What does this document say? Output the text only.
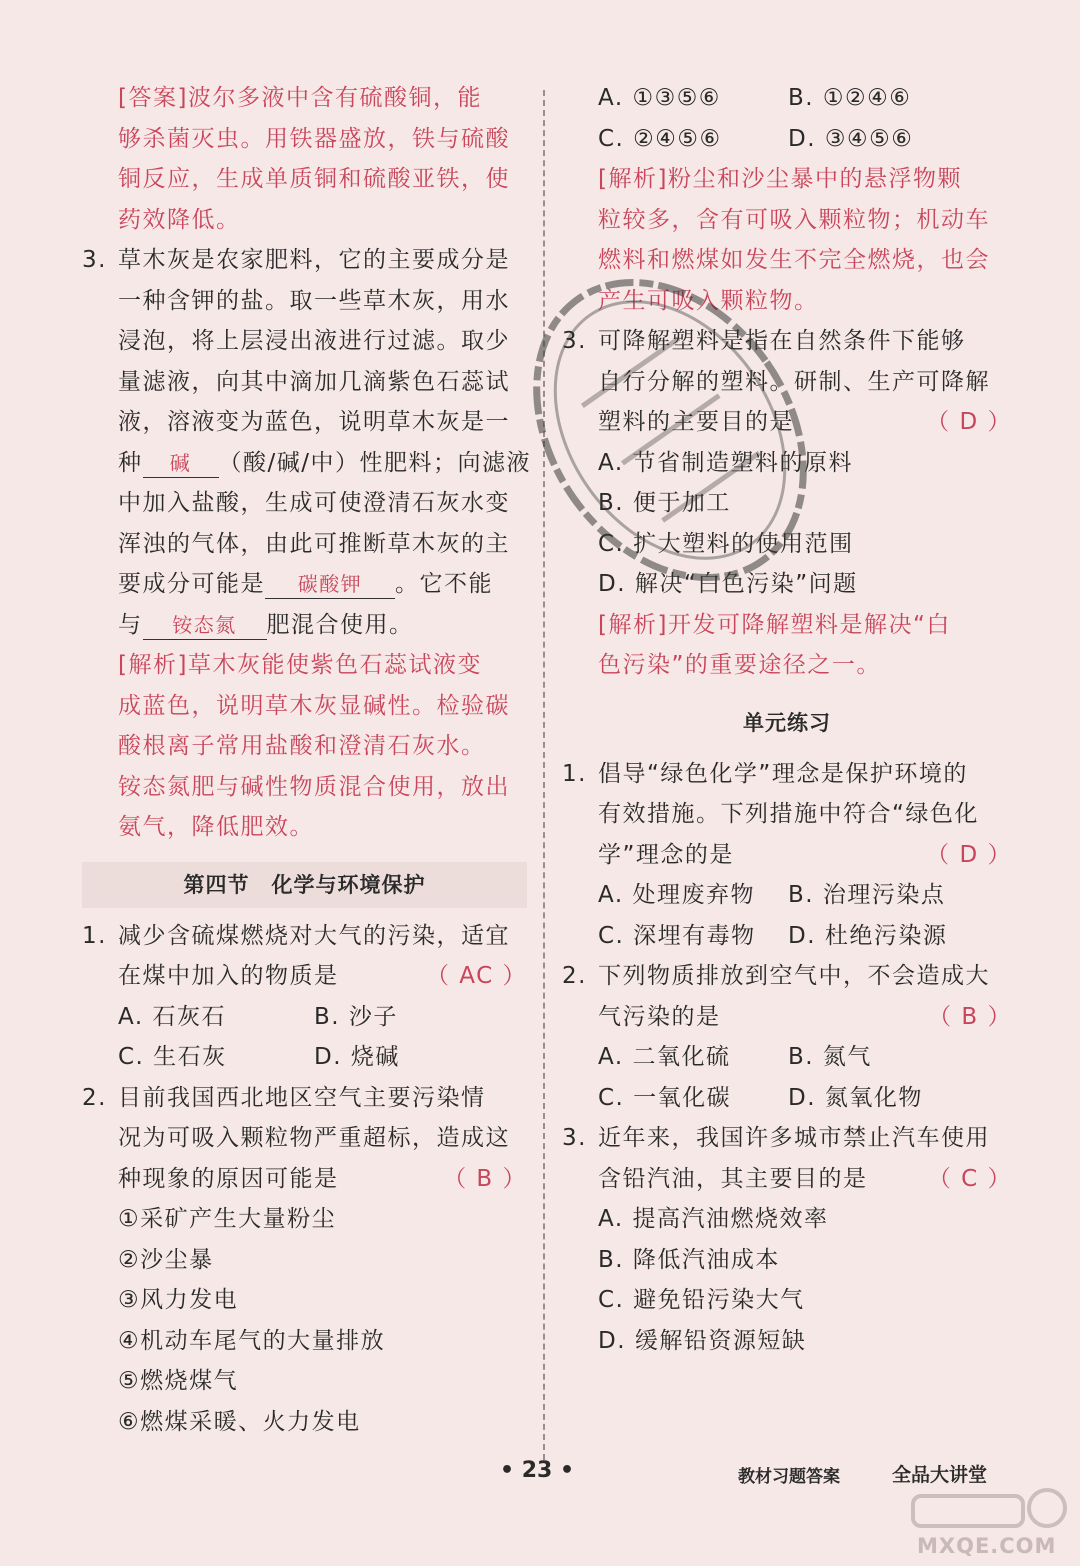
[答案]波尔多液中含有硫酸铜，能
够杀菌灭虫。用铁器盛放，铁与硫酸
铜反应，生成单质铜和硫酸亚铁，使
药效降低。
3. 草木灰是农家肥料，它的主要成分是
一种含钾的盐。取一些草木灰，用水
浸泡，将上层浸出液进行过滤。取少
量滤液，向其中滴加几滴紫色石蕊试
液，溶液变为蓝色，说明草木灰是一
种 碱 （酸/碱/中）性肥料；向滤液
中加入盐酸，生成可使澄清石灰水变
浑浊的气体，由此可推断草木灰的主
要成分可能是 碳酸钾 。它不能
与 铵态氮 肥混合使用。
[解析]草木灰能使紫色石蕊试液变
成蓝色，说明草木灰显碱性。检验碳
酸根离子常用盐酸和澄清石灰水。
铵态氮肥与碱性物质混合使用，放出
氨气，降低肥效。
第四节　化学与环境保护
1. 减少含硫煤燃烧对大气的污染，适宜
在煤中加入的物质是	（ AC ）
A. 石灰石	B. 沙子
C. 生石灰	D. 烧碱
2. 目前我国西北地区空气主要污染情
况为可吸入颗粒物严重超标，造成这
种现象的原因可能是	（ B ）
①采矿产生大量粉尘
②沙尘暴
③风力发电
④机动车尾气的大量排放
⑤燃烧煤气
⑥燃煤采暖、火力发电
A. ①③⑤⑥	B. ①②④⑥
C. ②④⑤⑥	D. ③④⑤⑥
[解析]粉尘和沙尘暴中的悬浮物颗
粒较多，含有可吸入颗粒物；机动车
燃料和燃煤如发生不完全燃烧，也会
产生可吸入颗粒物。
3. 可降解塑料是指在自然条件下能够
自行分解的塑料。研制、生产可降解
塑料的主要目的是	（ D ）
A. 节省制造塑料的原料
B. 便于加工
C. 扩大塑料的使用范围
D. 解决“白色污染”问题
[解析]开发可降解塑料是解决“白
色污染”的重要途径之一。
单元练习
1. 倡导“绿色化学”理念是保护环境的
有效措施。下列措施中符合“绿色化
学”理念的是	（ D ）
A. 处理废弃物 B. 治理污染点
C. 深埋有毒物 D. 杜绝污染源
2. 下列物质排放到空气中，不会造成大
气污染的是	（ B ）
A. 二氧化硫	B. 氮气
C. 一氧化碳 D. 氮氧化物
3. 近年来，我国许多城市禁止汽车使用
含铅汽油，其主要目的是	（ C ）
A. 提高汽油燃烧效率
B. 降低汽油成本
C. 避免铅污染大气
D. 缓解铅资源短缺
• 23 •	教材习题答案	全品大讲堂
MXQE.COM
